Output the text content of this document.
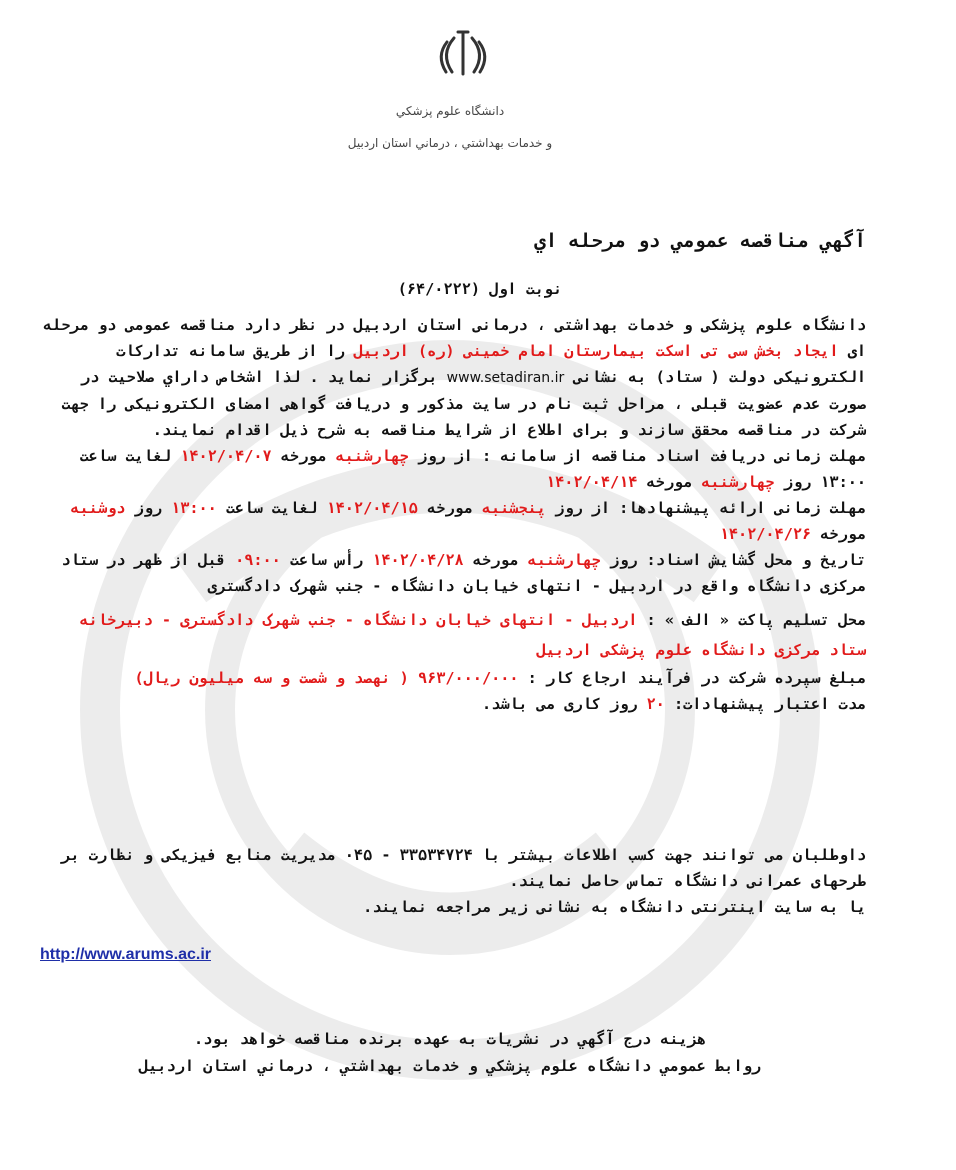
دانشگاه علوم پزشکي
و خدمات بهداشتي ، درماني استان اردبيل
آگهي مناقصه عمومي دو مرحله اي
نوبت اول (۶۴/۰۲۲۲)

دانشگاه علوم پزشکی و خدمات بهداشتی ، درمانی استان اردبیل در نظر دارد مناقصه عمومی دو مرحله ای ایجاد بخش سی تی اسکت بیمارستان امام خمینی (ره) اردبیل را از طریق سامانه تدارکات الکترونیکی دولت ( ستاد) به نشانی www.setadiran.ir برگزار نماید . لذا اشخاص داراي صلاحیت در صورت عدم عضویت قبلی ، مراحل ثبت نام در سایت مذکور و دریافت گواهی امضای الکترونیکی را جهت شرکت در مناقصه محقق سازند و برای اطلاع از شرایط مناقصه به شرح ذیل اقدام نمایند.

مهلت زمانی دریافت اسناد مناقصه از سامانه : از روز چهارشنبه مورخه ۱۴۰۲/۰۴/۰۷ لغایت ساعت ۱۳:۰۰ روز چهارشنبه مورخه ۱۴۰۲/۰۴/۱۴

مهلت زمانی ارائه پیشنهادها: از روز پنجشنبه مورخه ۱۴۰۲/۰۴/۱۵ لغایت ساعت ۱۳:۰۰ روز دوشنبه مورخه ۱۴۰۲/۰۴/۲۶

تاریخ و محل گشایش اسناد: روز چهارشنبه مورخه ۱۴۰۲/۰۴/۲۸ رأس ساعت ۰۹:۰۰ قبل از ظهر در ستاد مرکزی دانشگاه واقع در اردبیل - انتهای خیابان دانشگاه - جنب شهرک دادگستری

محل تسلیم پاکت « الف » : اردبیل - انتهای خیابان دانشگاه - جنب شهرک دادگستری - دبیرخانه ستاد مرکزی دانشگاه علوم پزشکی اردبیل

مبلغ سپرده شرکت در فرآیند ارجاع کار : ۹۶۳/۰۰۰/۰۰۰ ( نهصد و شصت و سه میلیون ریال)

مدت اعتبار پیشنهادات: ۲۰ روز کاری می باشد.

داوطلبان می توانند جهت کسب اطلاعات بیشتر با ۳۳۵۳۴۷۲۴ - ۰۴۵ مدیریت منابع فیزیکی و نظارت بر طرحهای عمرانی دانشگاه تماس حاصل نمایند.

یا به سایت اینترنتی دانشگاه به نشانی زیر مراجعه نمایند.

http://www.arums.ac.ir

هزینه درج آگهي در نشریات به عهده برنده مناقصه خواهد بود.

روابط عمومي دانشگاه علوم پزشكي و خدمات بهداشتي ، درماني استان اردبيل
